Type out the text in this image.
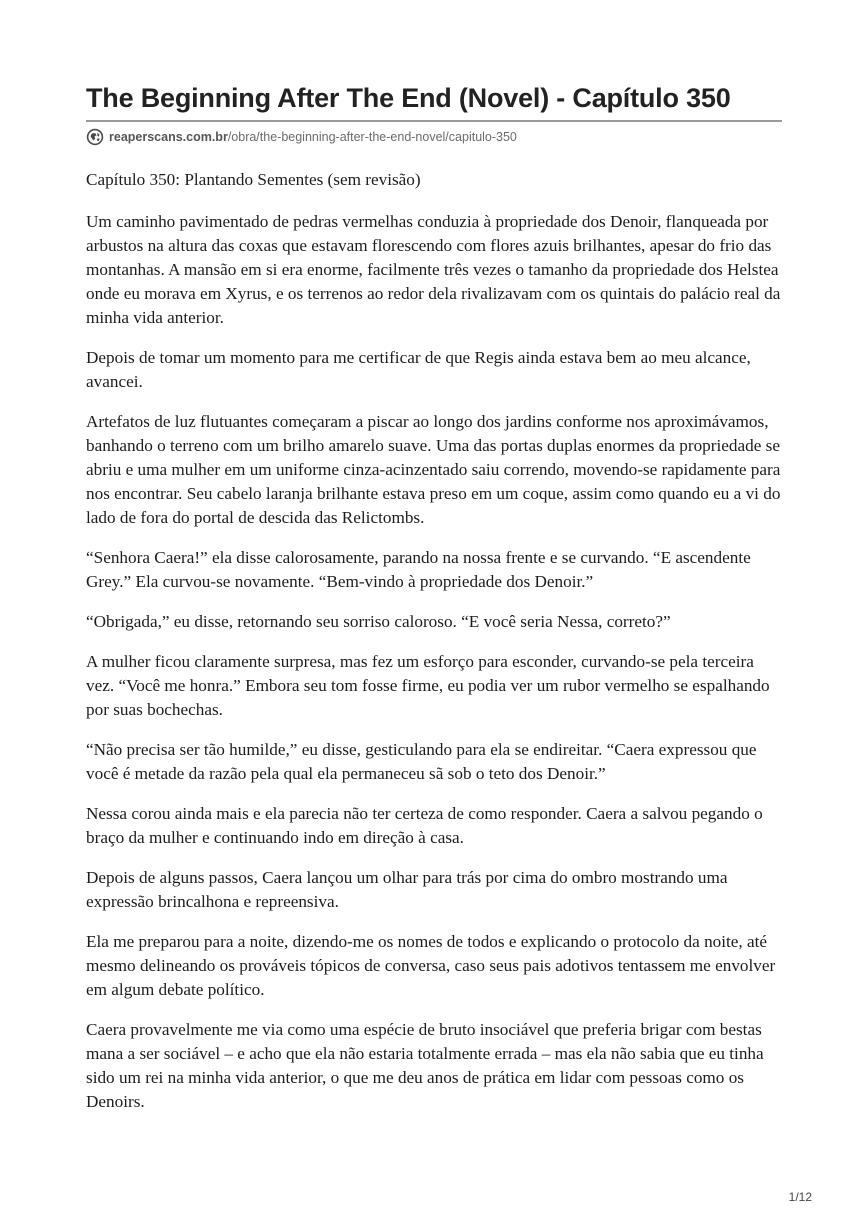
The Beginning After The End (Novel) - Capítulo 350
reaperscans.com.br /obra/the-beginning-after-the-end-novel/capitulo-350

Capítulo 350: Plantando Sementes (sem revisão)

Um caminho pavimentado de pedras vermelhas conduzia à propriedade dos Denoir, flanqueada por arbustos na altura das coxas que estavam florescendo com flores azuis brilhantes, apesar do frio das montanhas. A mansão em si era enorme, facilmente três vezes o tamanho da propriedade dos Helstea onde eu morava em Xyrus, e os terrenos ao redor dela rivalizavam com os quintais do palácio real da minha vida anterior.

Depois de tomar um momento para me certificar de que Regis ainda estava bem ao meu alcance, avancei.

Artefatos de luz flutuantes começaram a piscar ao longo dos jardins conforme nos aproximávamos, banhando o terreno com um brilho amarelo suave. Uma das portas duplas enormes da propriedade se abriu e uma mulher em um uniforme cinza-acinzentado saiu correndo, movendo-se rapidamente para nos encontrar. Seu cabelo laranja brilhante estava preso em um coque, assim como quando eu a vi do lado de fora do portal de descida das Relictombs.

“Senhora Caera!” ela disse calorosamente, parando na nossa frente e se curvando. “E ascendente Grey.” Ela curvou-se novamente. “Bem-vindo à propriedade dos Denoir.”

“Obrigada,” eu disse, retornando seu sorriso caloroso. “E você seria Nessa, correto?”

A mulher ficou claramente surpresa, mas fez um esforço para esconder, curvando-se pela terceira vez. “Você me honra.” Embora seu tom fosse firme, eu podia ver um rubor vermelho se espalhando por suas bochechas.

“Não precisa ser tão humilde,” eu disse, gesticulando para ela se endireitar. “Caera expressou que você é metade da razão pela qual ela permaneceu sã sob o teto dos Denoir.”

Nessa corou ainda mais e ela parecia não ter certeza de como responder. Caera a salvou pegando o braço da mulher e continuando indo em direção à casa.

Depois de alguns passos, Caera lançou um olhar para trás por cima do ombro mostrando uma expressão brincalhona e repreensiva.

Ela me preparou para a noite, dizendo-me os nomes de todos e explicando o protocolo da noite, até mesmo delineando os prováveis tópicos de conversa, caso seus pais adotivos tentassem me envolver em algum debate político.

Caera provavelmente me via como uma espécie de bruto insociável que preferia brigar com bestas mana a ser sociável – e acho que ela não estaria totalmente errada – mas ela não sabia que eu tinha sido um rei na minha vida anterior, o que me deu anos de prática em lidar com pessoas como os Denoirs.

1/12
